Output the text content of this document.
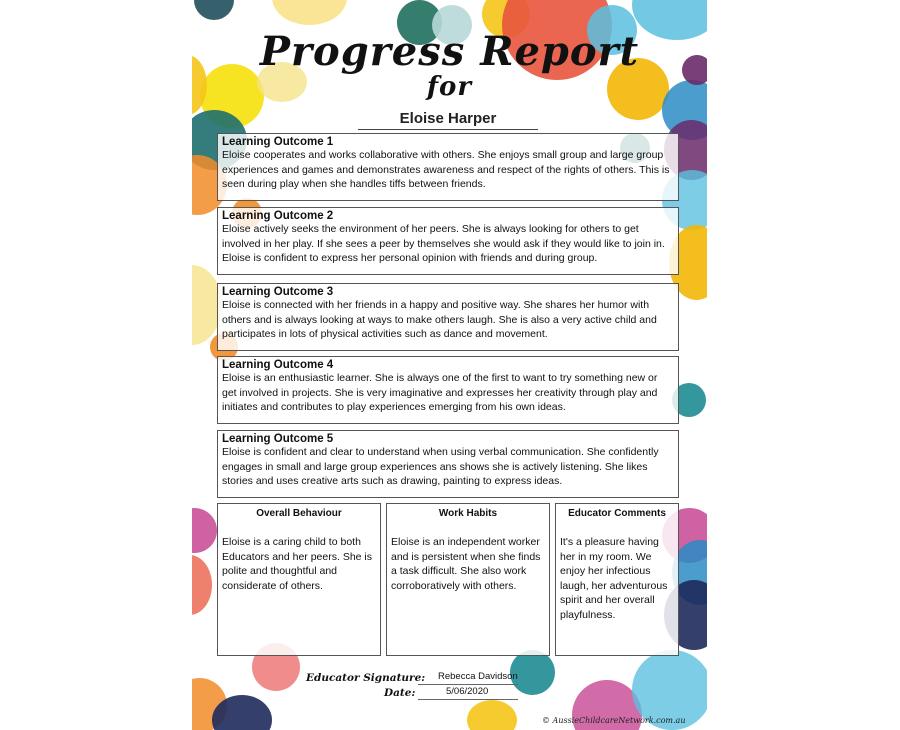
Progress Report
for
Eloise Harper
Learning Outcome 1

Eloise cooperates and works collaborative with others. She enjoys small group and large group experiences and games and demonstrates awareness and respect of the rights of others. This is seen during play when she handles tiffs between friends.

Learning Outcome 2

Eloise actively seeks the environment of her peers. She is always looking for others to get involved in her play. If she sees a peer by themselves she would ask if they would like to join in. Eloise is confident to express her personal opinion with friends and during group.

Learning Outcome 3

Eloise is connected with her friends in a happy and positive way. She shares her humor with others and is always looking at ways to make others laugh. She is also a very active child and participates in lots of physical activities such as dance and movement.

Learning Outcome 4

Eloise is an enthusiastic learner. She is always one of the first to want to try something new or get involved in projects. She is very imaginative and expresses her creativity through play and initiates and contributes to play experiences emerging from his own ideas.

Learning Outcome 5

Eloise is confident and clear to understand when using verbal communication. She confidently engages in small and large group experiences ans shows she is actively listening. She likes stories and uses creative arts such as drawing, painting to express ideas.

Overall Behaviour

Eloise is a caring child to both Educators and her peers. She is polite and thoughtful and considerate of others.

Work Habits

Eloise is an independent worker and is persistent when she finds a task difficult. She also work corroboratively with others.

Educator Comments

It's a pleasure having her in my room. We enjoy her infectious laugh, her adventurous spirit and her overall playfulness.

Educator Signature: Rebecca Davidson
Date:	5/06/2020
© AussieChildcareNetwork.com.au
